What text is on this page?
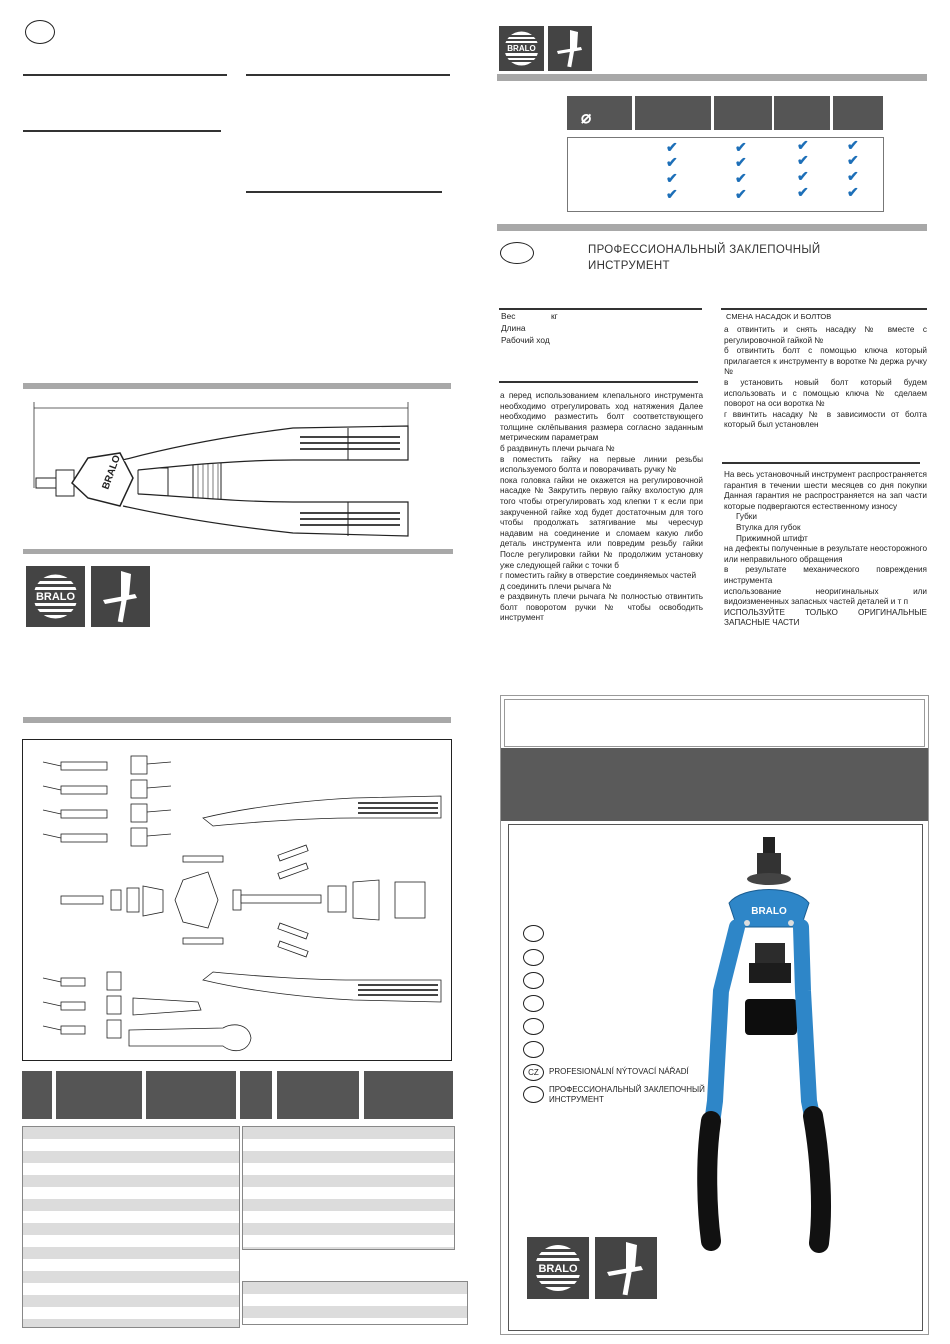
BRALO
BRALO
BRALO
⌀
✔
✔
✔
✔
✔
✔
✔
✔
✔
✔
✔
✔
✔
✔
✔
✔
ПРОФЕССИОНАЛЬНЫЙ ЗАКЛЕПОЧНЫЙ
ИНСТРУМЕНТ
Вес	кг
Длина
Рабочий ход
а перед использованием клепального инструмента необходимо отрегулировать ход натяжения Далее необходимо разместить болт соответствующего толщине склёпывания размера согласно заданным метрическим параметрам
б раздвинуть плечи рычага №
в поместить гайку на первые линии резьбы используемого болта и поворачивать ручку №
пока головка гайки не окажется на регулировочной насадке № Закрутить первую гайку вхолостую для того чтобы отрегулировать ход клепки т к если при закрученной гайке ход будет достаточным для того чтобы продолжать затягивание мы чересчур надавим на соединение и сломаем какую либо деталь инструмента или повредим резьбу гайки После регулировки гайки № продолжим установку уже следующей гайки с точки б
г поместить гайку в отверстие соединяемых частей
д соединить плечи рычага №
е раздвинуть плечи рычага № полностью отвинтить болт поворотом ручки № чтобы освободить инструмент
СМЕНА НАСАДОК И БОЛТОВ
а отвинтить и снять насадку № вместе с регулировочной гайкой №
б отвинтить болт с помощью ключа который прилагается к инструменту в воротке № держа ручку №
в установить новый болт который будем использовать и с помощью ключа № сделаем поворот на оси воротка №
г ввинтить насадку № в зависимости от болта который был установлен
На весь установочный инструмент распространяется гарантия в течении шести месяцев со дня покупки Данная гарантия не распространяется на зап части которые подвергаются естественному износу
Губки
Втулка для губок
Прижимной штифт
на дефекты полученные в результате неосторожного или неправильного обращения
в результате механического повреждения инструмента
использование неоригинальных или видоизмененных запасных частей деталей и т п
ИСПОЛЬЗУЙТЕ ТОЛЬКО ОРИГИНАЛЬНЫЕ ЗАПАСНЫЕ ЧАСТИ
CZ	PROFESIONÁLNÍ NÝTOVACÍ NÁŘADÍ
ПРОФЕССИОНАЛЬНЫЙ ЗАКЛЕПОЧНЫЙ
ИНСТРУМЕНТ
BRALO
BRALO
